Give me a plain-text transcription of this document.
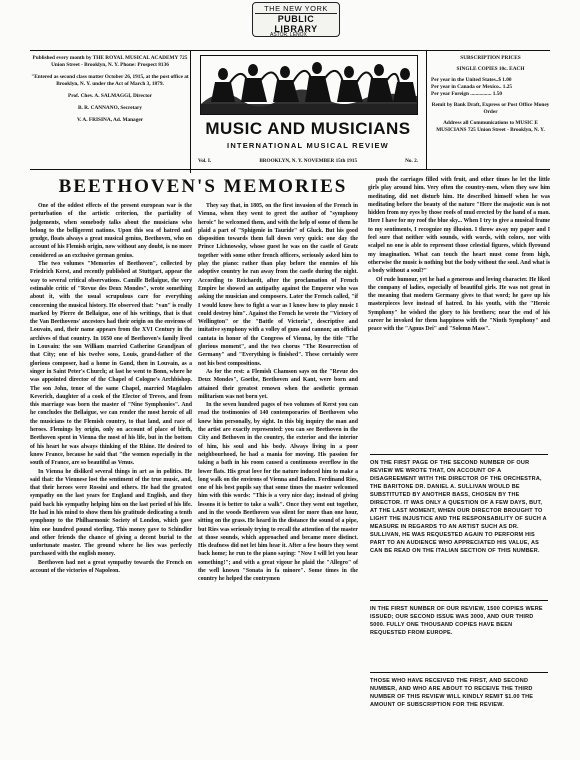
THE NEW YORK
PUBLIC LIBRARY
ASTOR, LENOX

Published every month by THE ROYAL MUSICAL ACADEMY 725 Union Street - Brooklyn, N. Y. Phone: Prospect 8136

"Entered as second class matter October 26, 1915, at the post office at Brooklyn, N. Y. under the Act of March 3, 1879.

Prof. Chev. A. SALMAGGI, Director

B. R. CANNANO, Secretary

V. A. FRISINA, Ad. Manager	MUSIC AND MUSICIANS
INTERNATIONAL MUSICAL REVIEW
Vol. I.	BROOKLYN, N. Y. NOVEMBER 15th 1915	No. 2.

SUBSCRIPTION PRICES

SINGLE COPIES 10c. EACH

Per year in the United States..$ 1.00
Per year in Canada or Mexico.. 1.25
Per year Foreign ................ 1.50

Remit by Bank Draft, Express or Post Office Money Order

Address all Communications to MUSIC E MUSICIANS 725 Union Street - Brooklyn, N. Y.

BEETHOVEN'S MEMORIES

One of the oddest effects of the present european war is the perturbation of the artistic criterion, the partiality of judgements, when somebody talks about the musicians who belong to the belligerent nations. Upon this sea of hatred and grudge, floats always a great musical genius, Beethoven, who on account of his Flemish origin, now without any doubt, is no more considered as an exclusive german genius.

The two volumes "Memories of Beethoven", collected by Friedrich Kerst, and recently published at Stuttgart, appear the way to several critical observations. Camille Bellaigue, the very estimable critic of "Revue des Deux Mondes", wrote something about it, with the usual scrupulous care for everything concerning the musical history. He observed that: "van" is really marked by Pierre de Bellaigue, one of his writings, that is that the Van Beethovens' ancestors had their origin on the environs of Louvain, and, their name appears from the XVI Century in the archives of that country. In 1650 one of Beethoven's family lived in Louvain: the son William married Catherine Grandjean of that City; one of his twelve sons, Louis, grand-father of the glorious composer, had a home in Gand, then in Louvain, as a singer in Saint Peter's Church; at last he went to Bonn, where he was appointed director of the Chapel of Cologne's Archbishop. The son John, tenor of the same Chapel, married Magdalen Keverich, daughter of a cook of the Elector of Treves, and from this marriage was born the master of "Nine Symphonies". And he concludes the Bellaigue, we can render the most heroic of all the musicians to the Flemish country, to that land, and race of heroes. Flemings by origin, only on account of place of birth, Beethoven spent in Vienna the most of his life, but in the bottom of his heart he was always thinking of the Rhine. He desired to know France, because he said that "the women especially in the south of France, are so beautiful as Venus.

In Vienna he disliked several things in art as in politics. He said that: the Viennese lost the sentiment of the true music, and, that their heroes were Rossini and others. He had the greatest sympathy on the last years for England and English, and they paid back his sympathy helping him on the last period of his life. He had in his mind to show them his gratitude dedicating a tenth symphony to the Philharmonic Society of London, which gave him one hundred pound sterling. This money gave to Schindler and other friends the chance of giving a decent burial to the unfortunate master. The ground where he lies was perfectly purchased with the english money.

Beethoven had not a great sympathy towards the French on account of the victories of Napoleon.

They say that, in 1805, on the first invasion of the French in Vienna, when they went to greet the author of "symphony heroic" he welcomed them, and with the help of some of them he plaid a part of "Sphigenie in Tauride" of Gluck. But his good disposition towards them fall down very quick: one day the Prince Lichnowsky, whose guest he was on the castle of Gratz together with some other french officers, seriously asked him to play the piano: rather than play before the enemies of his adoptive country he ran away from the castle during the night. According to Reichardt, after the proclamation of French Empire he showed an antipathy against the Emperor who was asking the musician and composers. Later the French called, "if I would know how to fight a war as I know how to play music I could destroy him". Against the French he wrote the "Victory of Wellington" or the "Battle of Victoria", descriptive and imitative symphony with a volley of guns and cannon; an official cantata in honor of the Congress of Vienna, by the title "The glorious moment", and the two chorus "The Resurrection of Germany" and "Everything is finished". These certainly were not his best compositions.

As for the rest: a Flemish Chamson says on the "Revue des Deux Mondes", Goethe, Beethoven and Kant, were born and attained their greatest renown when the aesthetic german militarism was not born yet.

In the seven hundred pages of two volumes of Kerst you can read the testimonies of 140 contemporaries of Beethoven who knew him personally, by sight. In this big inquiry the man and the artist are exactly represented: you can see Beethoven in the City and Bethoven in the country, the exterior and the interior of him, his soul and his body. Always living in a poor neighbourhood, he had a mania for moving. His passion for taking a bath in his room caused a continuous overflow in the lower flats. His great love for the nature induced him to make a long walk on the environs of Vienna and Baden. Ferdinand Ries, one of his best pupils say that some times the master welcomed him with this words: "This is a very nice day; instead of giving lessons it is better to take a walk". Once they went out together, and in the woods Beethoven was silent for more than one hour, sitting on the grass. He heard in the distance the sound of a pipe, but Ries was seriously trying to recall the attention of the master at those sounds, which approached and became more distinct. His deafness did not let him hear it. After a few hours they went back home; he run to the piano saying: "Now I will let you hear something!"; and with a great vigour he plaid the "Allegro" of the well known "Sonata in fa minore". Some times in the country he helped the contrymen

push the carriages filled with fruit, and other times he let the little girls play around him. Very often the country-men, when they saw him meditating, did not disturb him. He described himself when he was meditating before the beauty of the nature "Here the majestic sun is not hidden from my eyes by those roofs of mud erected by the hand of a man. Here I have for my roof the blue sky... When I try to give a musical frame to my sentiments, I recognize my illusion. I throw away my paper and I feel sure that neither with sounds, with words, with colors, nor with scalpel no one is able to represent those celestial figures, which flyround my imagination. What can touch the heart must come from high, otherwise the music is nothing but the body without the soul. And what is a body without a soul?"

Of rude humour, yet he had a generous and loving character. He liked the company of ladies, especially of beautiful girls. He was not great in the meaning that modern Germany gives to that word; he gave up his masterpieces love instead of hatred. In his youth, with the "Heroic Symphony" he wished the glory to his brothers; near the end of his career he invoked for them happiness with the "Ninth Symphony" and peace with the "Agnus Dei" and "Solemn Mass".

ON THE FIRST PAGE OF THE SECOND NUMBER OF OUR REVIEW WE WROTE THAT, ON ACCOUNT OF A DISAGREEMENT WITH THE DIRECTOR OF THE ORCHESTRA, THE BARITONE DR. DANIEL A. SULLIVAN WOULD BE SUBSTITUTED BY ANOTHER BASS, CHOSEN BY THE DIRECTOR. IT WAS ONLY A QUESTION OF A FEW DAYS, BUT, AT THE LAST MOMENT, WHEN OUR DIRECTOR BROUGHT TO LIGHT THE INJUSTICE AND THE RESPONSABILITY OF SUCH A MEASURE IN REGARDS TO AN ARTIST SUCH AS DR. SULLIVAN, HE WAS REQUESTED AGAIN TO PERFORM HIS PART TO AN AUDIENCE WHO APPRECIATED HIS VALUE, AS CAN BE READ ON THE ITALIAN SECTION OF THIS NUMBER.

IN THE FIRST NUMBER OF OUR REVIEW, 1500 COPIES WERE ISSUED; OUR SECOND ISSUE WAS 3000, AND OUR THIRD 5000. FULLY ONE THOUSAND COPIES HAVE BEEN REQUESTED FROM EUROPE.

THOSE WHO HAVE RECEIVED THE FIRST, AND SECOND NUMBER, AND WHO ARE ABOUT TO RECEIVE THE THIRD NUMBER OF THIS REVIEW WILL KINDLY REMIT $1.00 THE AMOUNT OF SUBSCRIPTION FOR THE REVIEW.
